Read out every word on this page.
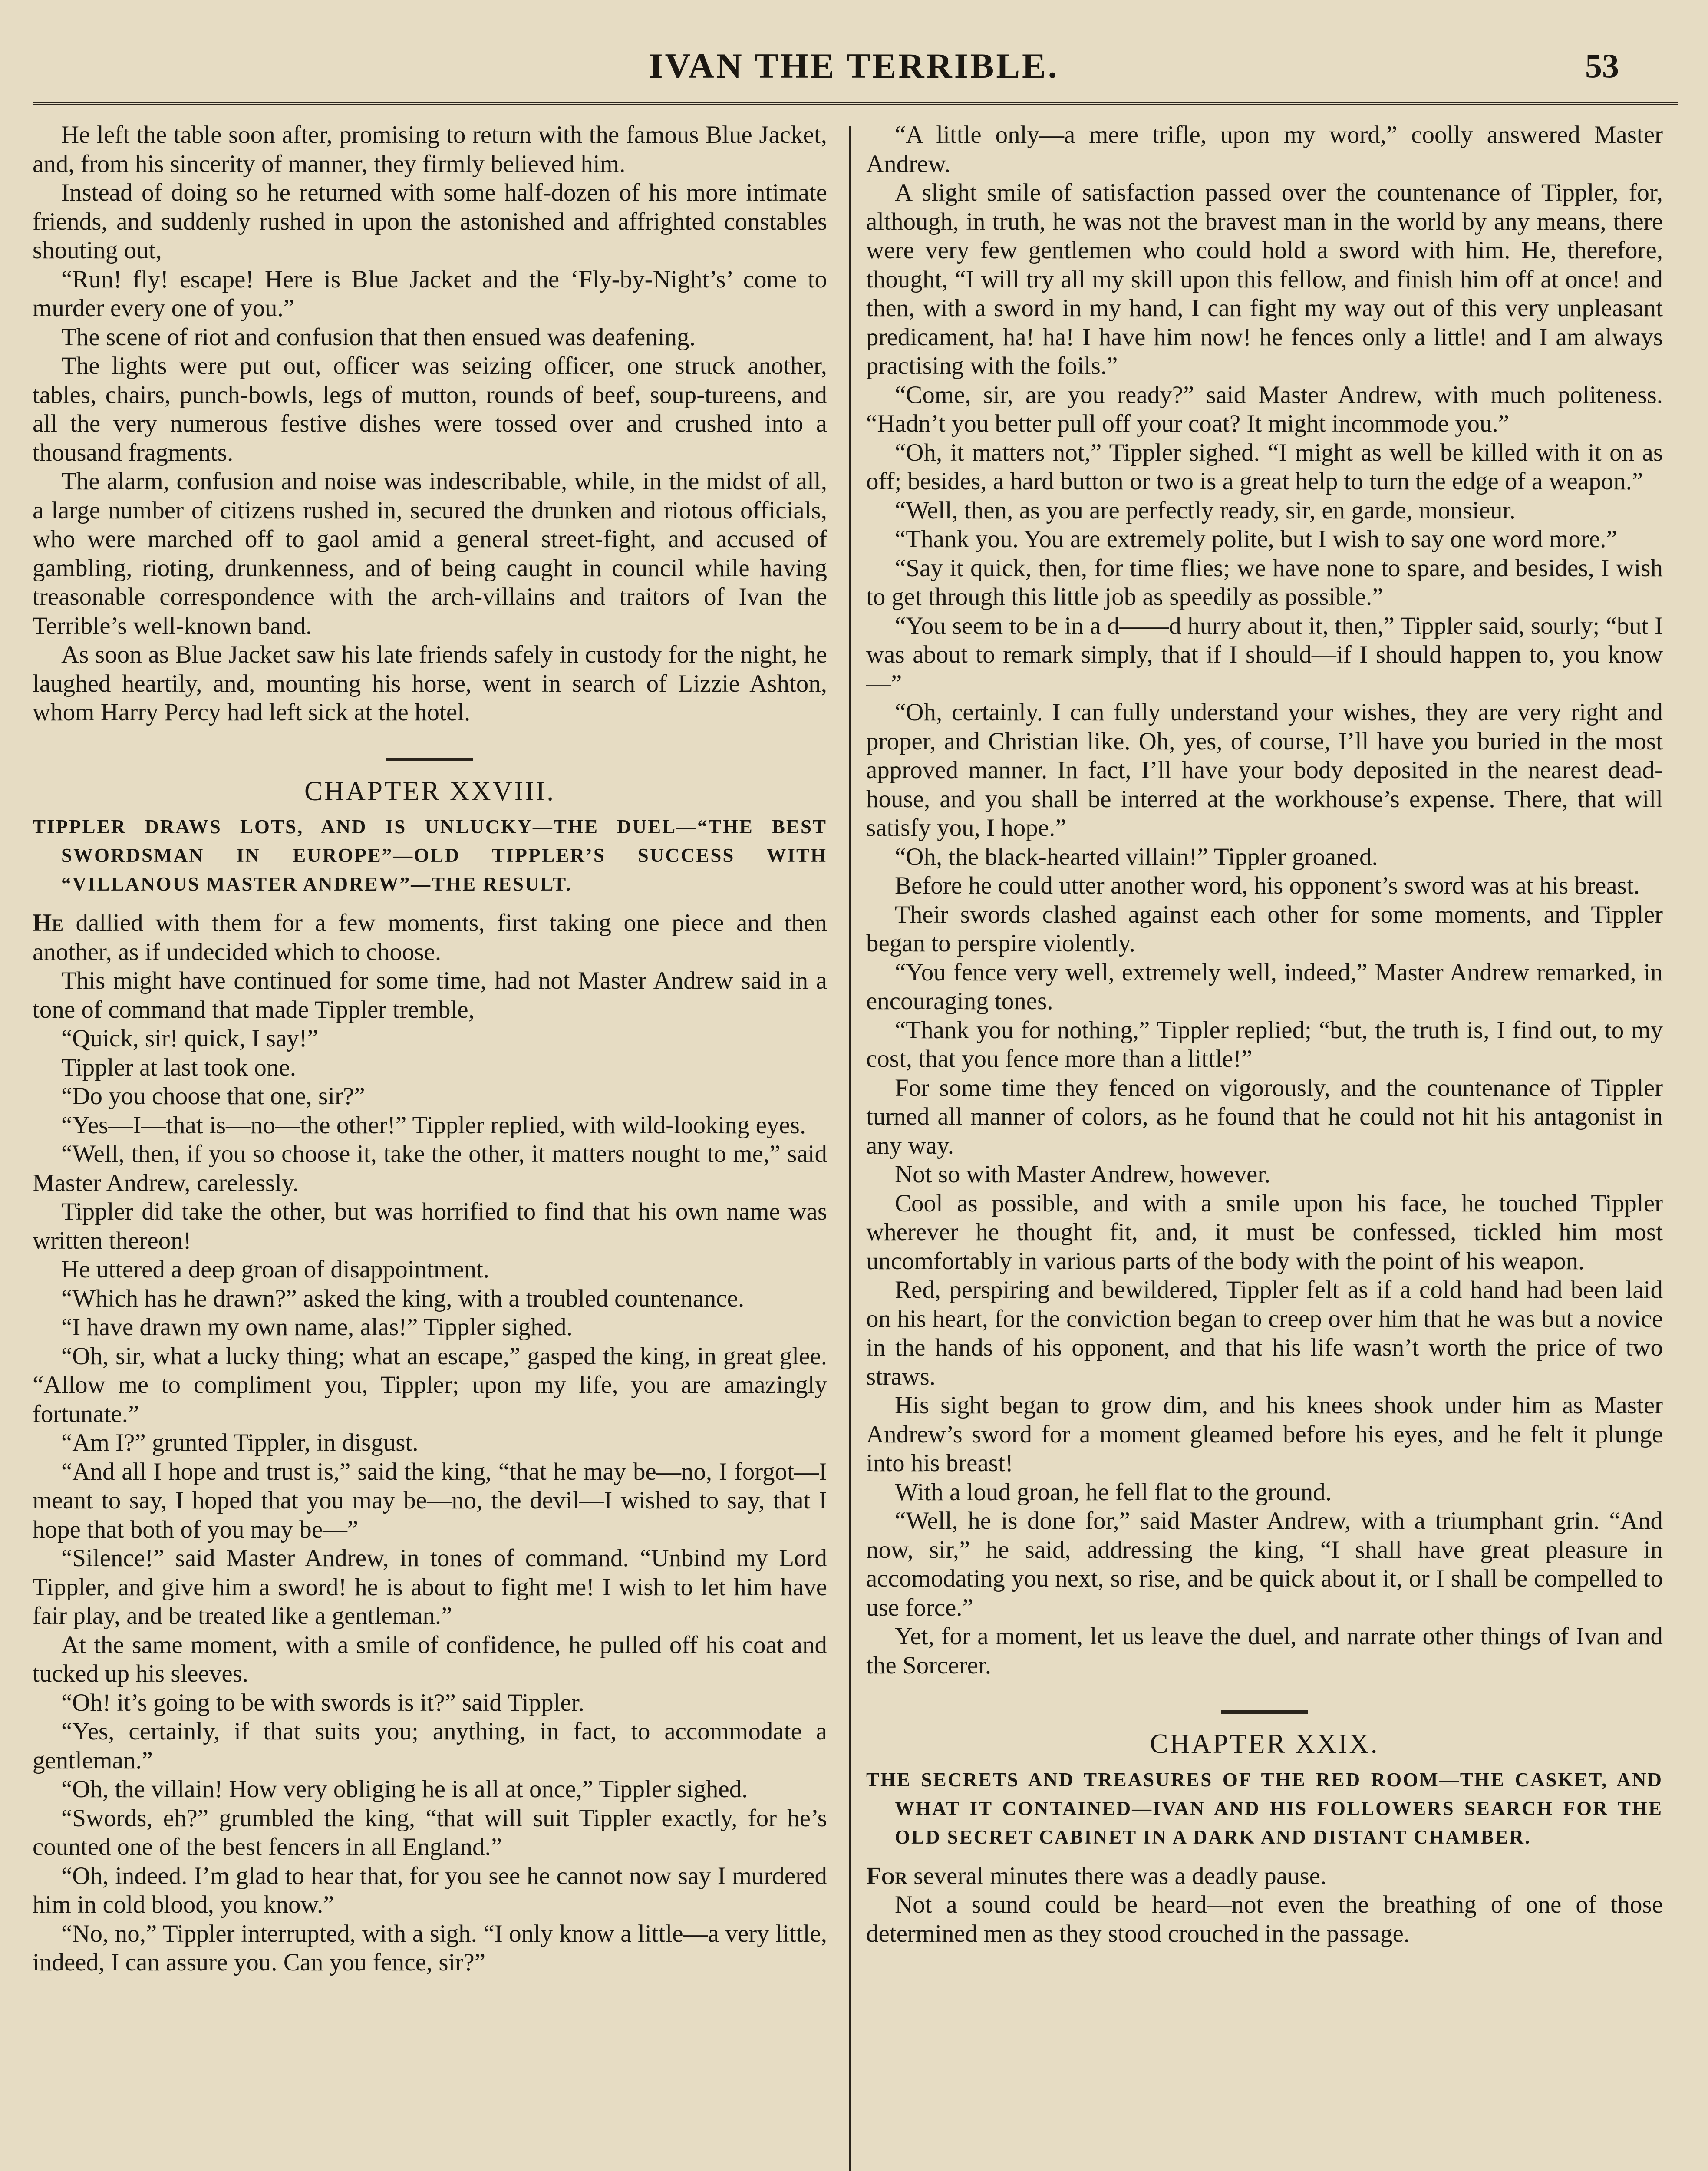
IVAN THE TERRIBLE.	53

He left the table soon after, promising to return with the famous Blue Jacket, and, from his sincerity of manner, they firmly believed him.

Instead of doing so he returned with some half-dozen of his more intimate friends, and suddenly rushed in upon the astonished and affrighted constables shouting out,

“Run! fly! escape! Here is Blue Jacket and the ‘Fly-by-Night’s’ come to murder every one of you.”

The scene of riot and confusion that then ensued was deafening.

The lights were put out, officer was seizing officer, one struck another, tables, chairs, punch-bowls, legs of mutton, rounds of beef, soup-tureens, and all the very numerous festive dishes were tossed over and crushed into a thousand fragments.

The alarm, confusion and noise was indescribable, while, in the midst of all, a large number of citizens rushed in, secured the drunken and riotous officials, who were marched off to gaol amid a general street-fight, and accused of gambling, rioting, drunkenness, and of being caught in council while having treasonable correspondence with the arch-villains and traitors of Ivan the Terrible’s well-known band.

As soon as Blue Jacket saw his late friends safely in custody for the night, he laughed heartily, and, mounting his horse, went in search of Lizzie Ashton, whom Harry Percy had left sick at the hotel.

CHAPTER XXVIII.
TIPPLER DRAWS LOTS, AND IS UNLUCKY—THE DUEL—“THE BEST SWORDSMAN IN EUROPE”—OLD TIPPLER’S SUCCESS WITH “VILLANOUS MASTER ANDREW”—THE RESULT.

He dallied with them for a few moments, first taking one piece and then another, as if undecided which to choose.

This might have continued for some time, had not Master Andrew said in a tone of command that made Tippler tremble,

“Quick, sir! quick, I say!”

Tippler at last took one.

“Do you choose that one, sir?”

“Yes—I—that is—no—the other!” Tippler replied, with wild-looking eyes.

“Well, then, if you so choose it, take the other, it matters nought to me,” said Master Andrew, carelessly.

Tippler did take the other, but was horrified to find that his own name was written thereon!

He uttered a deep groan of disappointment.

“Which has he drawn?” asked the king, with a troubled countenance.

“I have drawn my own name, alas!” Tippler sighed.

“Oh, sir, what a lucky thing; what an escape,” gasped the king, in great glee. “Allow me to compliment you, Tippler; upon my life, you are amazingly fortunate.”

“Am I?” grunted Tippler, in disgust.

“And all I hope and trust is,” said the king, “that he may be—no, I forgot—I meant to say, I hoped that you may be—no, the devil—I wished to say, that I hope that both of you may be—”

“Silence!” said Master Andrew, in tones of command. “Unbind my Lord Tippler, and give him a sword! he is about to fight me! I wish to let him have fair play, and be treated like a gentleman.”

At the same moment, with a smile of confidence, he pulled off his coat and tucked up his sleeves.

“Oh! it’s going to be with swords is it?” said Tippler.

“Yes, certainly, if that suits you; anything, in fact, to accommodate a gentleman.”

“Oh, the villain! How very obliging he is all at once,” Tippler sighed.

“Swords, eh?” grumbled the king, “that will suit Tippler exactly, for he’s counted one of the best fencers in all England.”

“Oh, indeed. I’m glad to hear that, for you see he cannot now say I murdered him in cold blood, you know.”

“No, no,” Tippler interrupted, with a sigh. “I only know a little—a very little, indeed, I can assure you. Can you fence, sir?”

“A little only—a mere trifle, upon my word,” coolly answered Master Andrew.

A slight smile of satisfaction passed over the countenance of Tippler, for, although, in truth, he was not the bravest man in the world by any means, there were very few gentlemen who could hold a sword with him. He, therefore, thought, “I will try all my skill upon this fellow, and finish him off at once! and then, with a sword in my hand, I can fight my way out of this very unpleasant predicament, ha! ha! I have him now! he fences only a little! and I am always practising with the foils.”

“Come, sir, are you ready?” said Master Andrew, with much politeness. “Hadn’t you better pull off your coat? It might incommode you.”

“Oh, it matters not,” Tippler sighed. “I might as well be killed with it on as off; besides, a hard button or two is a great help to turn the edge of a weapon.”

“Well, then, as you are perfectly ready, sir, en garde, monsieur.

“Thank you. You are extremely polite, but I wish to say one word more.”

“Say it quick, then, for time flies; we have none to spare, and besides, I wish to get through this little job as speedily as possible.”

“You seem to be in a d——d hurry about it, then,” Tippler said, sourly; “but I was about to remark simply, that if I should—if I should happen to, you know—”

“Oh, certainly. I can fully understand your wishes, they are very right and proper, and Christian like. Oh, yes, of course, I’ll have you buried in the most approved manner. In fact, I’ll have your body deposited in the nearest dead-house, and you shall be interred at the workhouse’s expense. There, that will satisfy you, I hope.”

“Oh, the black-hearted villain!” Tippler groaned.

Before he could utter another word, his opponent’s sword was at his breast.

Their swords clashed against each other for some moments, and Tippler began to perspire violently.

“You fence very well, extremely well, indeed,” Master Andrew remarked, in encouraging tones.

“Thank you for nothing,” Tippler replied; “but, the truth is, I find out, to my cost, that you fence more than a little!”

For some time they fenced on vigorously, and the countenance of Tippler turned all manner of colors, as he found that he could not hit his antagonist in any way.

Not so with Master Andrew, however.

Cool as possible, and with a smile upon his face, he touched Tippler wherever he thought fit, and, it must be confessed, tickled him most uncomfortably in various parts of the body with the point of his weapon.

Red, perspiring and bewildered, Tippler felt as if a cold hand had been laid on his heart, for the conviction began to creep over him that he was but a novice in the hands of his opponent, and that his life wasn’t worth the price of two straws.

His sight began to grow dim, and his knees shook under him as Master Andrew’s sword for a moment gleamed before his eyes, and he felt it plunge into his breast!

With a loud groan, he fell flat to the ground.

“Well, he is done for,” said Master Andrew, with a triumphant grin. “And now, sir,” he said, addressing the king, “I shall have great pleasure in accomodating you next, so rise, and be quick about it, or I shall be compelled to use force.”

Yet, for a moment, let us leave the duel, and narrate other things of Ivan and the Sorcerer.

CHAPTER XXIX.
THE SECRETS AND TREASURES OF THE RED ROOM—THE CASKET, AND WHAT IT CONTAINED—IVAN AND HIS FOLLOWERS SEARCH FOR THE OLD SECRET CABINET IN A DARK AND DISTANT CHAMBER.

For several minutes there was a deadly pause.

Not a sound could be heard—not even the breathing of one of those determined men as they stood crouched in the passage.
